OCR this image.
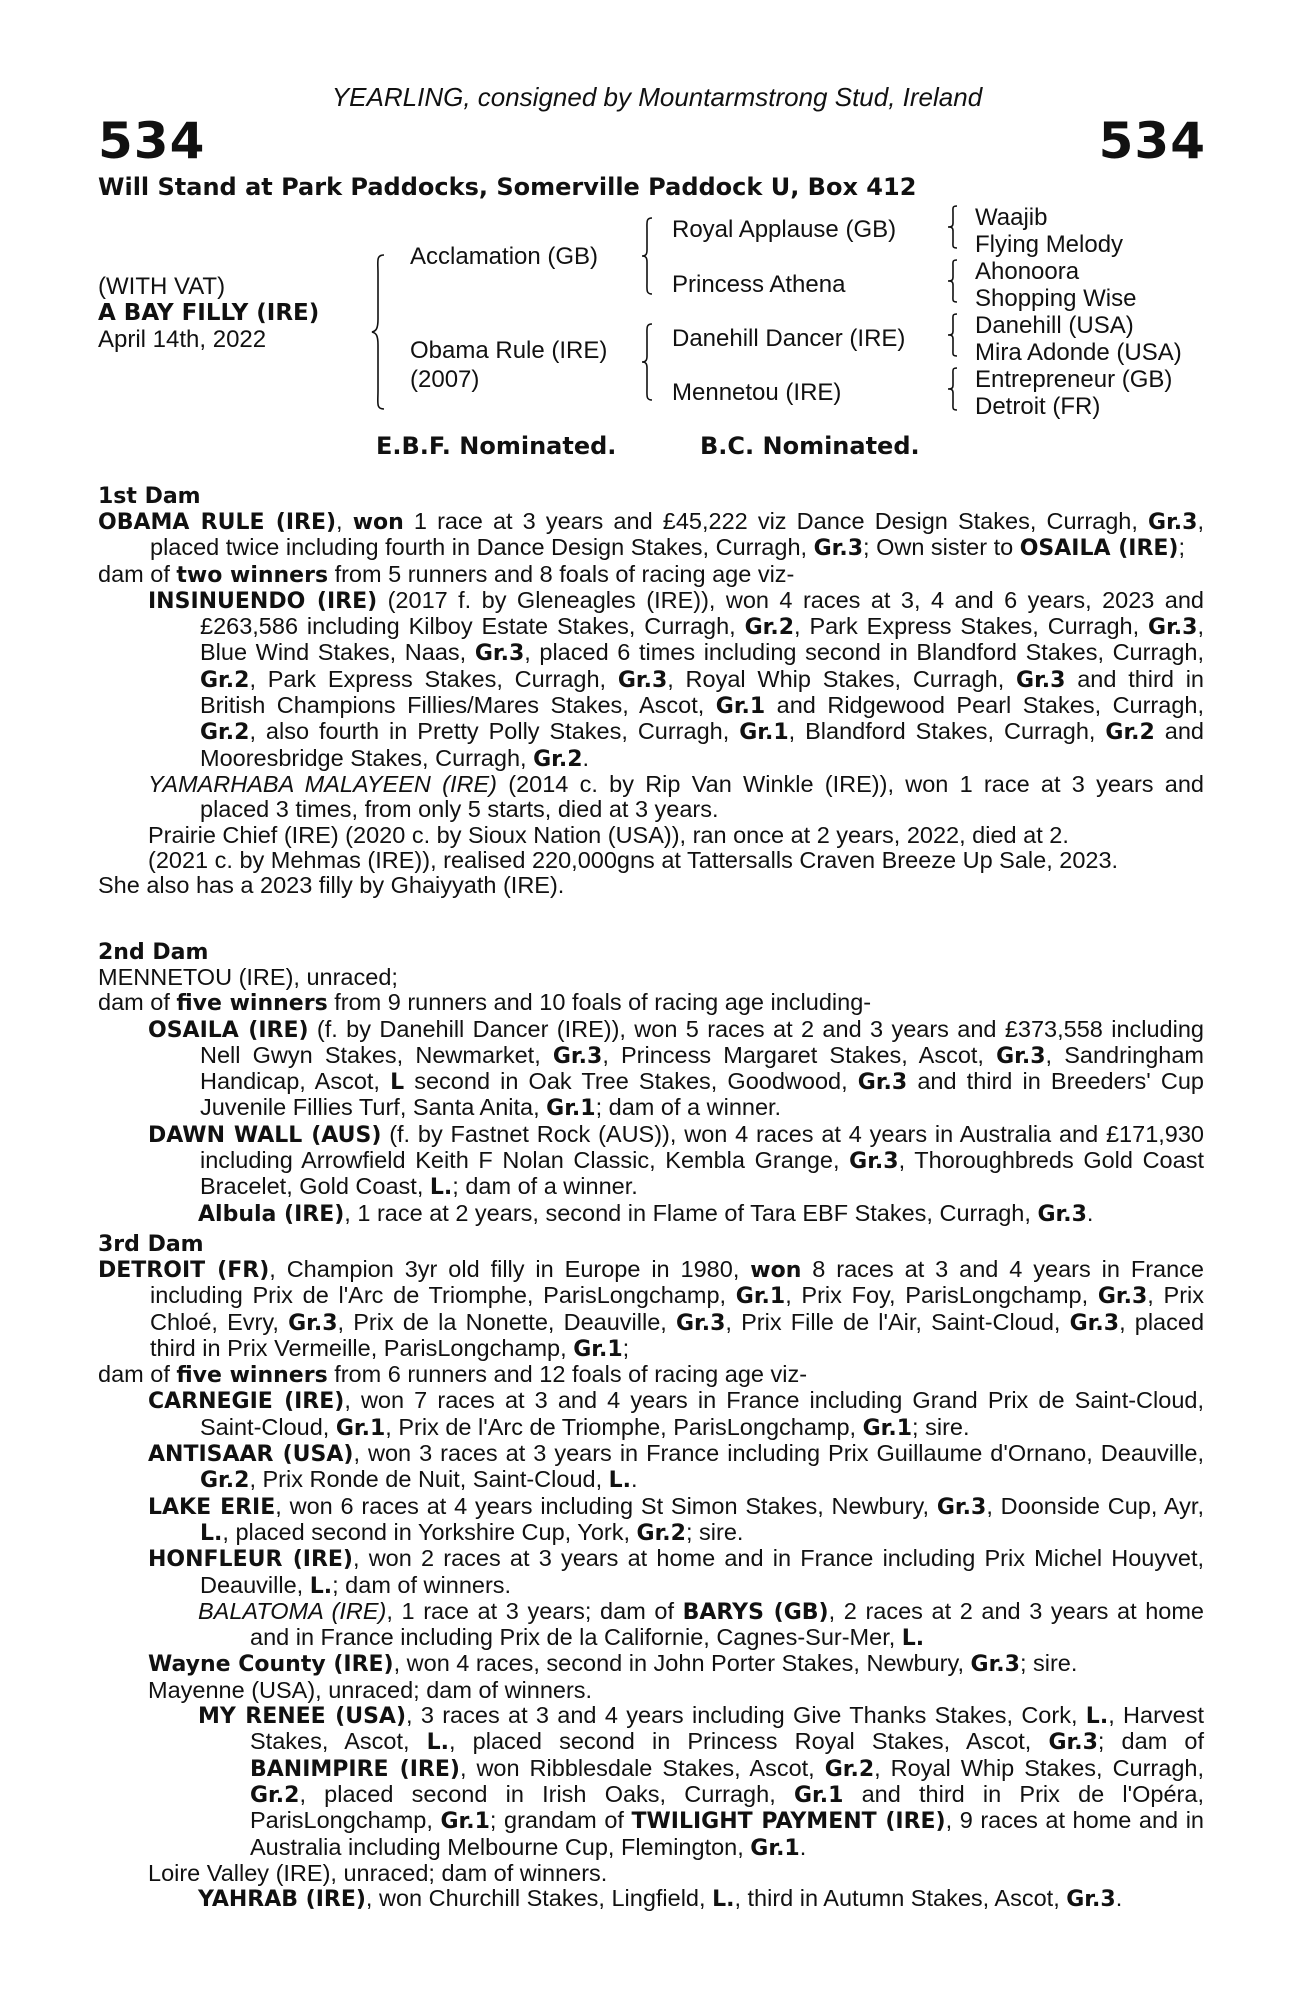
YEARLING, consigned by Mountarmstrong Stud, Ireland
534	534
Will Stand at Park Paddocks, Somerville Paddock U, Box 412
(WITH VAT)
A BAY FILLY (IRE)
April 14th, 2022
Acclamation (GB)
Obama Rule (IRE)
(2007)
Royal Applause (GB)
Princess Athena
Danehill Dancer (IRE)
Mennetou (IRE)
Waajib
Flying Melody
Ahonoora
Shopping Wise
Danehill (USA)
Mira Adonde (USA)
Entrepreneur (GB)
Detroit (FR)
E.B.F. Nominated.	B.C. Nominated.
1st Dam

OBAMA RULE (IRE), won 1 race at 3 years and £45,222 viz Dance Design Stakes, Curragh, Gr.3, placed twice including fourth in Dance Design Stakes, Curragh, Gr.3; Own sister to OSAILA (IRE);

dam of two winners from 5 runners and 8 foals of racing age viz-

INSINUENDO (IRE) (2017 f. by Gleneagles (IRE)), won 4 races at 3, 4 and 6 years, 2023 and £263,586 including Kilboy Estate Stakes, Curragh, Gr.2, Park Express Stakes, Curragh, Gr.3, Blue Wind Stakes, Naas, Gr.3, placed 6 times including second in Blandford Stakes, Curragh, Gr.2, Park Express Stakes, Curragh, Gr.3, Royal Whip Stakes, Curragh, Gr.3 and third in British Champions Fillies/Mares Stakes, Ascot, Gr.1 and Ridgewood Pearl Stakes, Curragh, Gr.2, also fourth in Pretty Polly Stakes, Curragh, Gr.1, Blandford Stakes, Curragh, Gr.2 and Mooresbridge Stakes, Curragh, Gr.2.

YAMARHABA MALAYEEN (IRE) (2014 c. by Rip Van Winkle (IRE)), won 1 race at 3 years and placed 3 times, from only 5 starts, died at 3 years.

Prairie Chief (IRE) (2020 c. by Sioux Nation (USA)), ran once at 2 years, 2022, died at 2.

(2021 c. by Mehmas (IRE)), realised 220,000gns at Tattersalls Craven Breeze Up Sale, 2023.

She also has a 2023 filly by Ghaiyyath (IRE).

2nd Dam

MENNETOU (IRE), unraced;

dam of five winners from 9 runners and 10 foals of racing age including-

OSAILA (IRE) (f. by Danehill Dancer (IRE)), won 5 races at 2 and 3 years and £373,558 including Nell Gwyn Stakes, Newmarket, Gr.3, Princess Margaret Stakes, Ascot, Gr.3, Sandringham Handicap, Ascot, L second in Oak Tree Stakes, Goodwood, Gr.3 and third in Breeders' Cup Juvenile Fillies Turf, Santa Anita, Gr.1; dam of a winner.

DAWN WALL (AUS) (f. by Fastnet Rock (AUS)), won 4 races at 4 years in Australia and £171,930 including Arrowfield Keith F Nolan Classic, Kembla Grange, Gr.3, Thoroughbreds Gold Coast Bracelet, Gold Coast, L.; dam of a winner.

Albula (IRE), 1 race at 2 years, second in Flame of Tara EBF Stakes, Curragh, Gr.3.

3rd Dam

DETROIT (FR), Champion 3yr old filly in Europe in 1980, won 8 races at 3 and 4 years in France including Prix de l'Arc de Triomphe, ParisLongchamp, Gr.1, Prix Foy, ParisLongchamp, Gr.3, Prix Chloé, Evry, Gr.3, Prix de la Nonette, Deauville, Gr.3, Prix Fille de l'Air, Saint-Cloud, Gr.3, placed third in Prix Vermeille, ParisLongchamp, Gr.1;

dam of five winners from 6 runners and 12 foals of racing age viz-

CARNEGIE (IRE), won 7 races at 3 and 4 years in France including Grand Prix de Saint-Cloud, Saint-Cloud, Gr.1, Prix de l'Arc de Triomphe, ParisLongchamp, Gr.1; sire.

ANTISAAR (USA), won 3 races at 3 years in France including Prix Guillaume d'Ornano, Deauville, Gr.2, Prix Ronde de Nuit, Saint-Cloud, L..

LAKE ERIE, won 6 races at 4 years including St Simon Stakes, Newbury, Gr.3, Doonside Cup, Ayr, L., placed second in Yorkshire Cup, York, Gr.2; sire.

HONFLEUR (IRE), won 2 races at 3 years at home and in France including Prix Michel Houyvet, Deauville, L.; dam of winners.

BALATOMA (IRE), 1 race at 3 years; dam of BARYS (GB), 2 races at 2 and 3 years at home and in France including Prix de la Californie, Cagnes-Sur-Mer, L.

Wayne County (IRE), won 4 races, second in John Porter Stakes, Newbury, Gr.3; sire.

Mayenne (USA), unraced; dam of winners.

MY RENEE (USA), 3 races at 3 and 4 years including Give Thanks Stakes, Cork, L., Harvest Stakes, Ascot, L., placed second in Princess Royal Stakes, Ascot, Gr.3; dam of BANIMPIRE (IRE), won Ribblesdale Stakes, Ascot, Gr.2, Royal Whip Stakes, Curragh, Gr.2, placed second in Irish Oaks, Curragh, Gr.1 and third in Prix de l'Opéra, ParisLongchamp, Gr.1; grandam of TWILIGHT PAYMENT (IRE), 9 races at home and in Australia including Melbourne Cup, Flemington, Gr.1.

Loire Valley (IRE), unraced; dam of winners.

YAHRAB (IRE), won Churchill Stakes, Lingfield, L., third in Autumn Stakes, Ascot, Gr.3.
